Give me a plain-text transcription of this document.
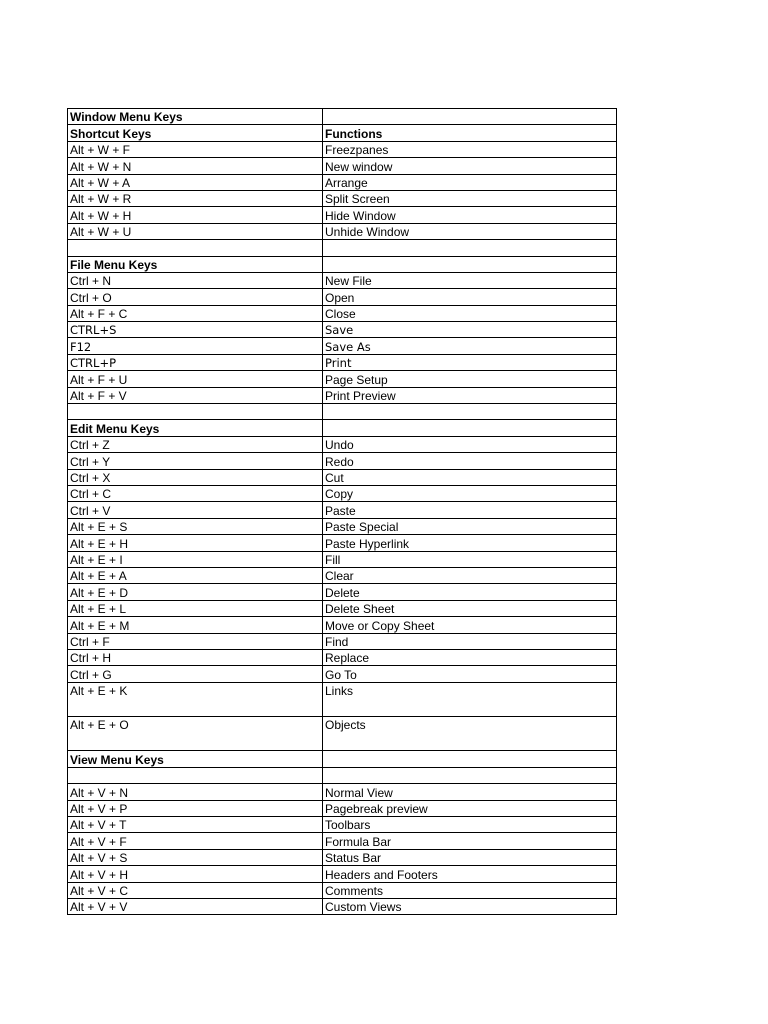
Window Menu Keys	
Shortcut Keys	Functions
Alt + W + F	Freezpanes
Alt + W + N	New window
Alt + W + A	Arrange
Alt + W + R	Split Screen
Alt + W + H	Hide Window
Alt + W + U	Unhide Window

File Menu Keys	
Ctrl + N	New File
Ctrl + O	Open
Alt + F + C	Close
CTRL+S	Save
F12	Save As
CTRL+P	Print
Alt + F + U	Page Setup
Alt + F + V	Print Preview

Edit Menu Keys	
Ctrl + Z	Undo
Ctrl + Y	Redo
Ctrl + X	Cut
Ctrl + C	Copy
Ctrl + V	Paste
Alt + E + S	Paste Special
Alt + E + H	Paste Hyperlink
Alt + E + I	Fill
Alt + E + A	Clear
Alt + E + D	Delete
Alt + E + L	Delete Sheet
Alt + E + M	Move or Copy Sheet
Ctrl + F	Find
Ctrl + H	Replace
Ctrl + G	Go To
Alt + E + K	Links
Alt + E + O	Objects
View Menu Keys	

Alt + V + N	Normal View
Alt + V + P	Pagebreak preview
Alt + V + T	Toolbars
Alt + V + F	Formula Bar
Alt + V + S	Status Bar
Alt + V + H	Headers and Footers
Alt + V + C	Comments
Alt + V + V	Custom Views
